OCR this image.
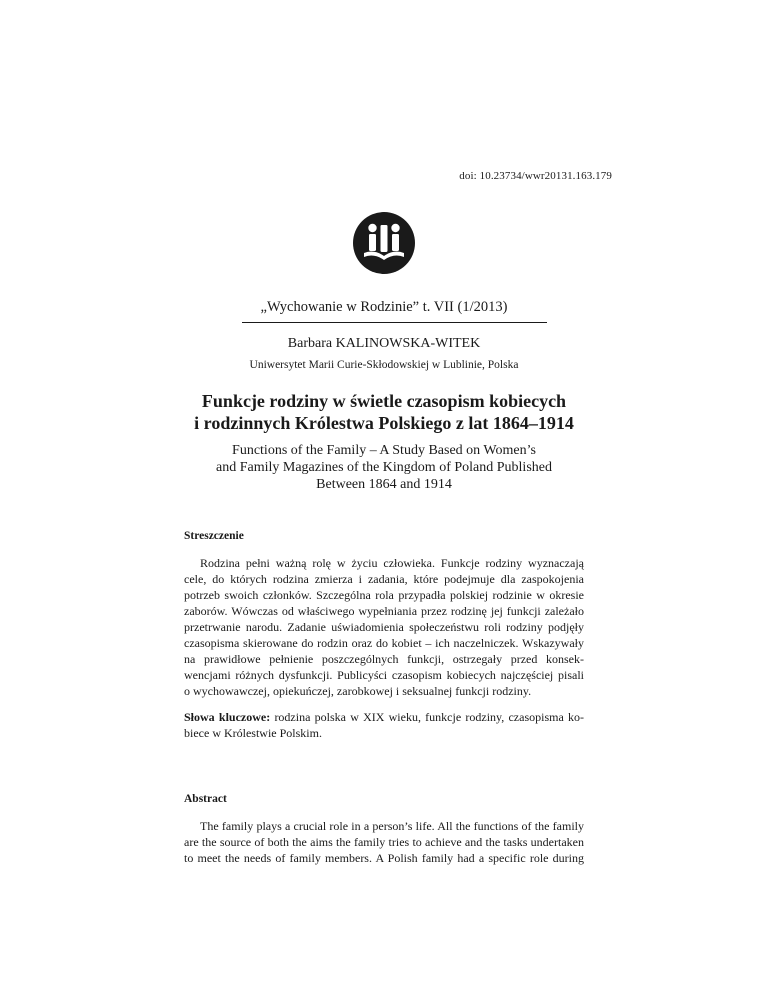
doi: 10.23734/wwr20131.163.179
„Wychowanie w Rodzinie” t. VII (1/2013)
Barbara KALINOWSKA-WITEK
Uniwersytet Marii Curie-Skłodowskiej w Lublinie, Polska
Funkcje rodziny w świetle czasopism kobiecych
i rodzinnych Królestwa Polskiego z lat 1864–1914
Functions of the Family – A Study Based on Women’s
and Family Magazines of the Kingdom of Poland Published
Between 1864 and 1914
Streszczenie
Rodzina pełni ważną rolę w życiu człowieka. Funkcje rodziny wyznaczają
cele, do których rodzina zmierza i zadania, które podejmuje dla zaspokojenia
potrzeb swoich członków. Szczególna rola przypadła polskiej rodzinie w okresie
zaborów. Wówczas od właściwego wypełniania przez rodzinę jej funkcji zależało
przetrwanie narodu. Zadanie uświadomienia społeczeństwu roli rodziny podjęły
czasopisma skierowane do rodzin oraz do kobiet – ich naczelniczek. Wskazywały
na prawidłowe pełnienie poszczególnych funkcji, ostrzegały przed konsek-
wencjami różnych dysfunkcji. Publicyści czasopism kobiecych najczęściej pisali
o wychowawczej, opiekuńczej, zarobkowej i seksualnej funkcji rodziny.
Słowa kluczowe: rodzina polska w XIX wieku, funkcje rodziny, czasopisma ko-
biece w Królestwie Polskim.
Abstract
The family plays a crucial role in a person’s life. All the functions of the family
are the source of both the aims the family tries to achieve and the tasks undertaken
to meet the needs of family members. A Polish family had a specific role during
